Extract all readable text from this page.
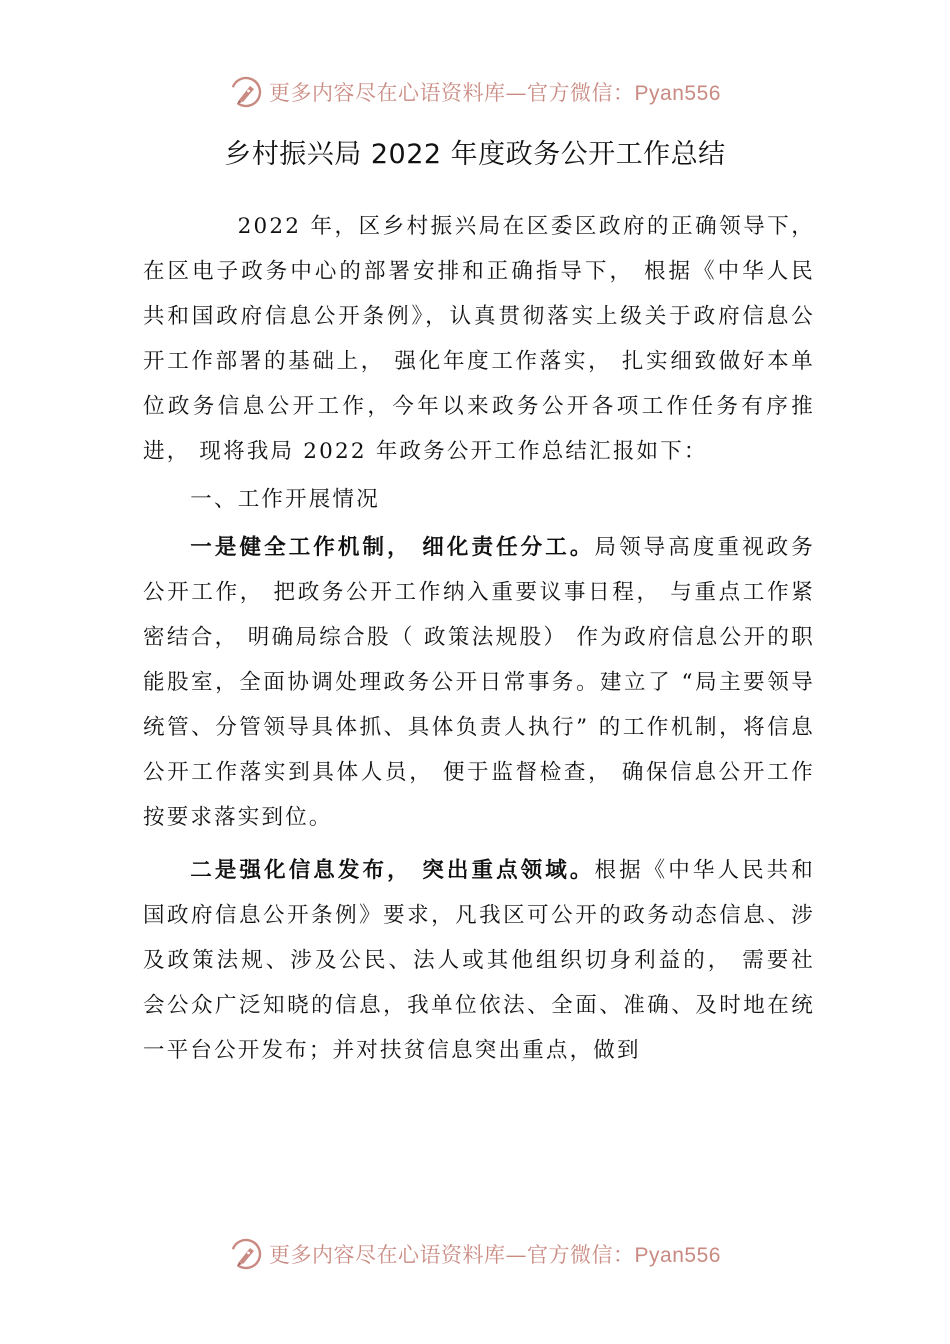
更多内容尽在心语资料库—官方微信：Pyan556
乡村振兴局 2022 年度政务公开工作总结

2022 年，区乡村振兴局在区委区政府的正确领导下，在区电子政务中心的部署安排和正确指导下， 根据《中华人民共和国政府信息公开条例》，认真贯彻落实上级关于政府信息公开工作部署的基础上， 强化年度工作落实， 扎实细致做好本单位政务信息公开工作，今年以来政务公开各项工作任务有序推进， 现将我局 2022 年政务公开工作总结汇报如下：

一、工作开展情况

一是健全工作机制， 细化责任分工。局领导高度重视政务公开工作， 把政务公开工作纳入重要议事日程， 与重点工作紧密结合， 明确局综合股（ 政策法规股） 作为政府信息公开的职能股室，全面协调处理政务公开日常事务。建立了 “局主要领导统管、分管领导具体抓、具体负责人执行” 的工作机制，将信息公开工作落实到具体人员， 便于监督检查， 确保信息公开工作按要求落实到位。

二是强化信息发布， 突出重点领域。根据《中华人民共和国政府信息公开条例》要求，凡我区可公开的政务动态信息、涉及政策法规、涉及公民、法人或其他组织切身利益的， 需要社会公众广泛知晓的信息，我单位依法、全面、准确、及时地在统一平台公开发布；并对扶贫信息突出重点，做到

更多内容尽在心语资料库—官方微信：Pyan556
